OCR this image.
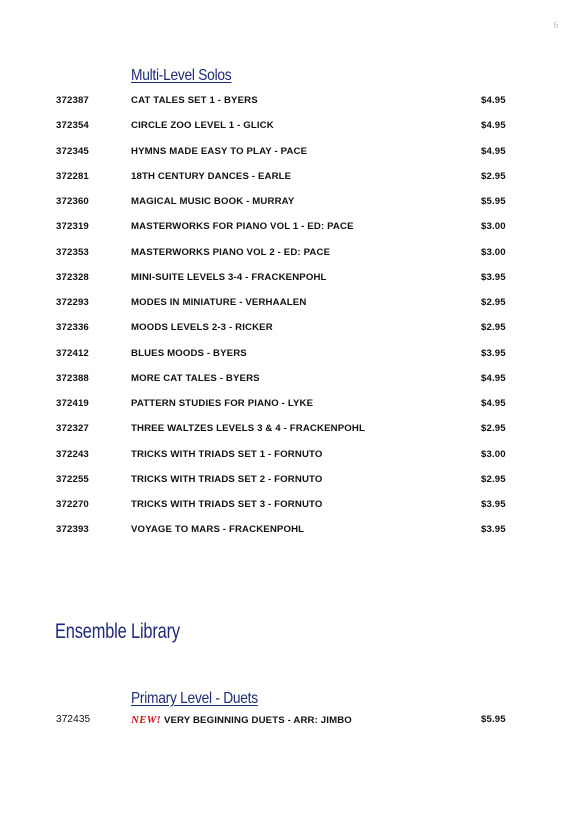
6
Multi-Level Solos
372387	CAT TALES SET 1 - BYERS	$4.95
372354	CIRCLE ZOO LEVEL 1 - GLICK	$4.95
372345	HYMNS MADE EASY TO PLAY - PACE	$4.95
372281	18TH CENTURY DANCES - EARLE	$2.95
372360	MAGICAL MUSIC BOOK - MURRAY	$5.95
372319	MASTERWORKS FOR PIANO VOL 1 - ED: PACE	$3.00
372353	MASTERWORKS PIANO VOL 2 - ED: PACE	$3.00
372328	MINI-SUITE LEVELS 3-4 - FRACKENPOHL	$3.95
372293	MODES IN MINIATURE - VERHAALEN	$2.95
372336	MOODS LEVELS 2-3 - RICKER	$2.95
372412	BLUES MOODS - BYERS	$3.95
372388	MORE CAT TALES - BYERS	$4.95
372419	PATTERN STUDIES FOR PIANO - LYKE	$4.95
372327	THREE WALTZES LEVELS 3 & 4 - FRACKENPOHL	$2.95
372243	TRICKS WITH TRIADS SET 1 - FORNUTO	$3.00
372255	TRICKS WITH TRIADS SET 2 - FORNUTO	$2.95
372270	TRICKS WITH TRIADS SET 3 - FORNUTO	$3.95
372393	VOYAGE TO MARS - FRACKENPOHL	$3.95
Ensemble Library
Primary Level - Duets
372435	NEW! VERY BEGINNING DUETS - ARR: JIMBO	$5.95
